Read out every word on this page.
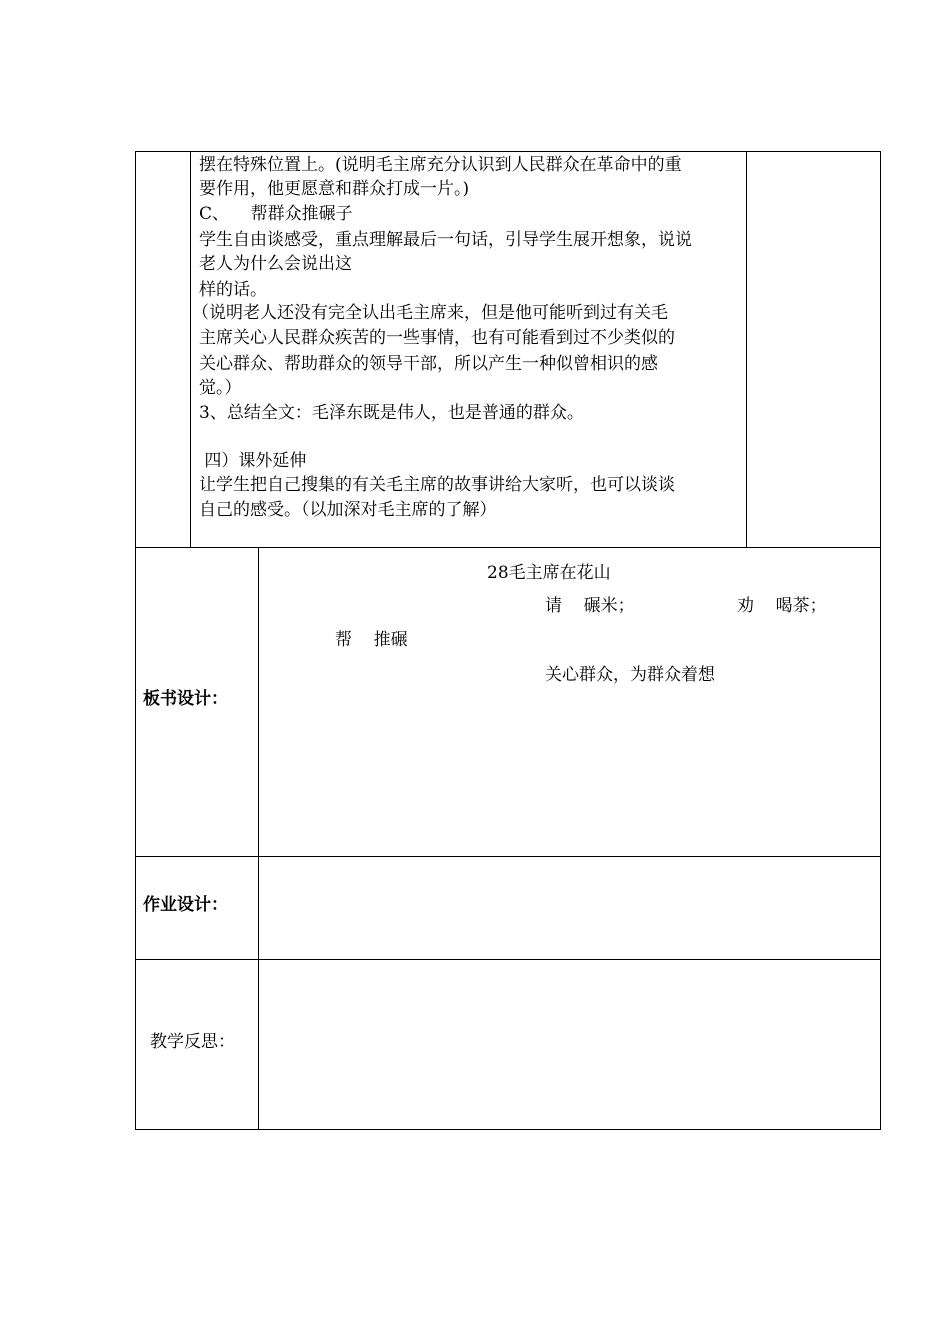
摆在特殊位置上。(说明毛主席充分认识到人民群众在革命中的重
要作用，他更愿意和群众打成一片。)
C、    帮群众推碾子
学生自由谈感受，重点理解最后一句话，引导学生展开想象，说说
老人为什么会说出这
样的话。
（说明老人还没有完全认出毛主席来，但是他可能听到过有关毛
主席关心人民群众疾苦的一些事情，也有可能看到过不少类似的
关心群众、帮助群众的领导干部，所以产生一种似曾相识的感
觉。）
3、总结全文：毛泽东既是伟人，也是普通的群众。
四）课外延伸
让学生把自己搜集的有关毛主席的故事讲给大家听，也可以谈谈
自己的感受。（以加深对毛主席的了解）
板书设计：
28毛主席在花山
请    碾米；	劝    喝茶；
帮    推碾
关心群众，为群众着想
作业设计：
教学反思：
